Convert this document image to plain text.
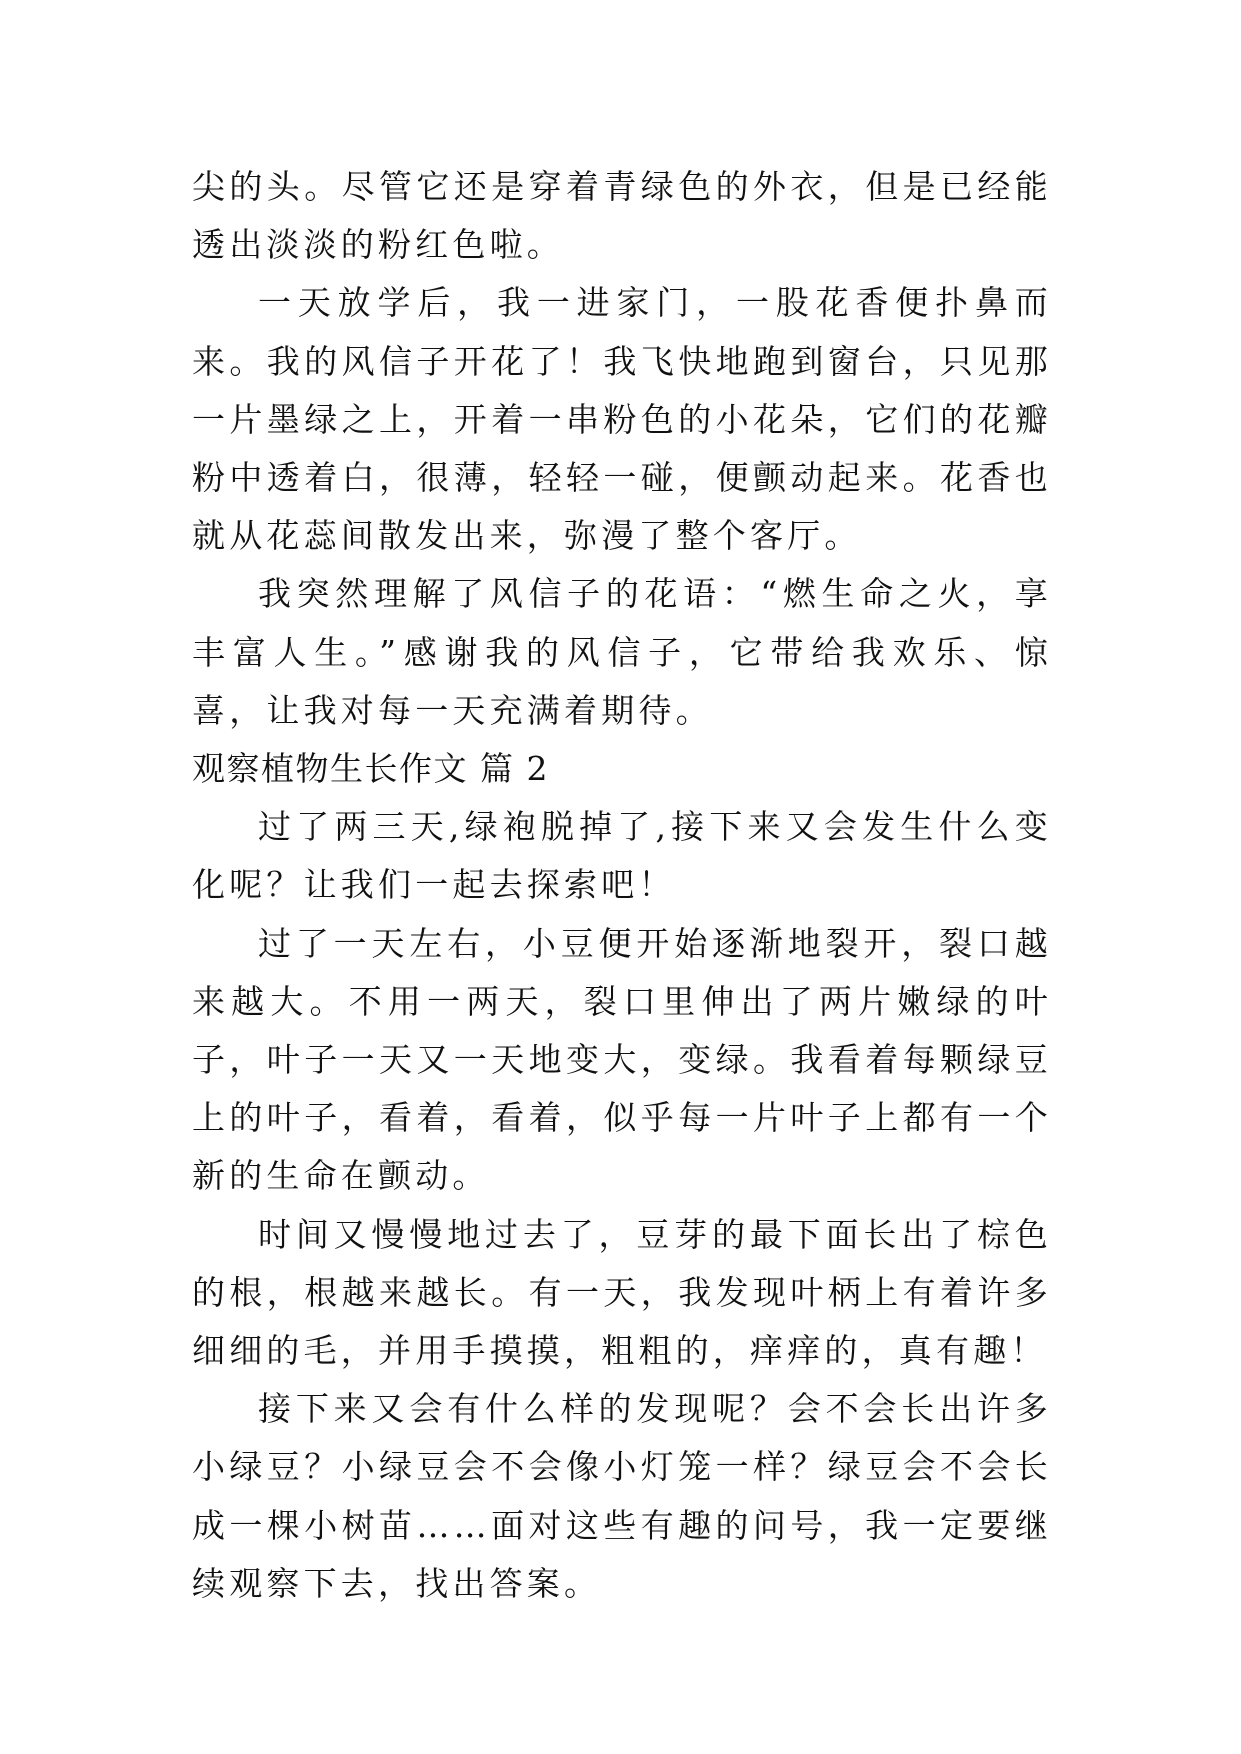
尖的头。尽管它还是穿着青绿色的外衣，但是已经能透出淡淡的粉红色啦。

一天放学后，我一进家门，一股花香便扑鼻而来。我的风信子开花了！我飞快地跑到窗台，只见那一片墨绿之上，开着一串粉色的小花朵，它们的花瓣粉中透着白，很薄，轻轻一碰，便颤动起来。花香也就从花蕊间散发出来，弥漫了整个客厅。

我突然理解了风信子的花语：“燃生命之火，享丰富人生。”感谢我的风信子，它带给我欢乐、惊喜，让我对每一天充满着期待。

观察植物生长作文 篇 2

过了两三天,绿袍脱掉了,接下来又会发生什么变化呢？让我们一起去探索吧！

过了一天左右，小豆便开始逐渐地裂开，裂口越来越大。不用一两天，裂口里伸出了两片嫩绿的叶子，叶子一天又一天地变大，变绿。我看着每颗绿豆上的叶子，看着，看着，似乎每一片叶子上都有一个新的生命在颤动。

时间又慢慢地过去了，豆芽的最下面长出了棕色的根，根越来越长。有一天，我发现叶柄上有着许多细细的毛，并用手摸摸，粗粗的，痒痒的，真有趣！

接下来又会有什么样的发现呢？会不会长出许多小绿豆？小绿豆会不会像小灯笼一样？绿豆会不会长成一棵小树苗……面对这些有趣的问号，我一定要继续观察下去，找出答案。
